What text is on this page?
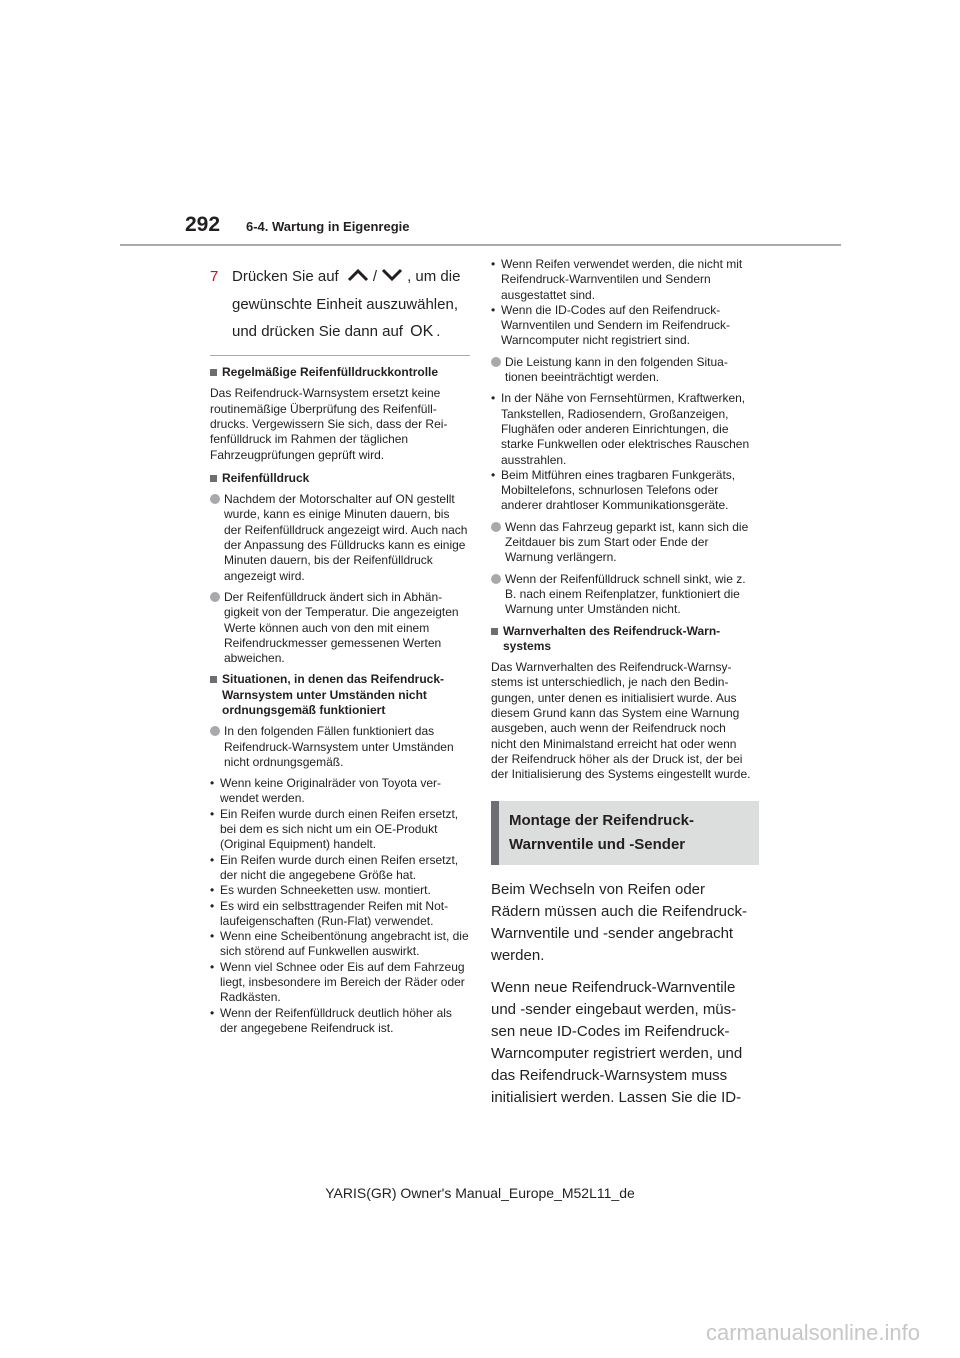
292 6-4. Wartung in Eigenregie
7 Drücken Sie auf / , um die gewünschte Einheit auszuwählen, und drücken Sie dann auf OK .
Regelmäßige Reifenfülldruckkontrolle

Das Reifendruck-Warnsystem ersetzt keine routinemäßige Überprüfung des Reifenfülldrucks. Vergewissern Sie sich, dass der Reifenfülldruck im Rahmen der täglichen Fahrzeugprüfungen geprüft wird.

Reifenfülldruck
Nachdem der Motorschalter auf ON gestellt wurde, kann es einige Minuten dauern, bis der Reifenfülldruck angezeigt wird. Auch nach der Anpassung des Fülldrucks kann es einige Minuten dauern, bis der Reifenfülldruck angezeigt wird.
Der Reifenfülldruck ändert sich in Abhängigkeit von der Temperatur. Die angezeigten Werte können auch von den mit einem Reifendruckmesser gemessenen Werten abweichen.
Situationen, in denen das Reifendruck-Warnsystem unter Umständen nicht ordnungsgemäß funktioniert
In den folgenden Fällen funktioniert das Reifendruck-Warnsystem unter Umständen nicht ordnungsgemäß.
• Wenn keine Originalräder von Toyota verwendet werden.
• Ein Reifen wurde durch einen Reifen ersetzt, bei dem es sich nicht um ein OE-Produkt (Original Equipment) handelt.
• Ein Reifen wurde durch einen Reifen ersetzt, der nicht die angegebene Größe hat.
• Es wurden Schneeketten usw. montiert.
• Es wird ein selbsttragender Reifen mit Notlaufeigenschaften (Run-Flat) verwendet.
• Wenn eine Scheibentönung angebracht ist, die sich störend auf Funkwellen auswirkt.
• Wenn viel Schnee oder Eis auf dem Fahrzeug liegt, insbesondere im Bereich der Räder oder Radkästen.
• Wenn der Reifenfülldruck deutlich höher als der angegebene Reifendruck ist.
• Wenn Reifen verwendet werden, die nicht mit Reifendruck-Warnventilen und Sendern ausgestattet sind.
• Wenn die ID-Codes auf den Reifendruck-Warnventilen und Sendern im Reifendruck-Warncomputer nicht registriert sind.
Die Leistung kann in den folgenden Situationen beeinträchtigt werden.
• In der Nähe von Fernsehtürmen, Kraftwerken, Tankstellen, Radiosendern, Großanzeigen, Flughäfen oder anderen Einrichtungen, die starke Funkwellen oder elektrisches Rauschen ausstrahlen.
• Beim Mitführen eines tragbaren Funkgeräts, Mobiltelefons, schnurlosen Telefons oder anderer drahtloser Kommunikationsgeräte.
Wenn das Fahrzeug geparkt ist, kann sich die Zeitdauer bis zum Start oder Ende der Warnung verlängern.
Wenn der Reifenfülldruck schnell sinkt, wie z. B. nach einem Reifenplatzer, funktioniert die Warnung unter Umständen nicht.
Warnverhalten des Reifendruck-Warnsystems

Das Warnverhalten des Reifendruck-Warnsystems ist unterschiedlich, je nach den Bedingungen, unter denen es initialisiert wurde. Aus diesem Grund kann das System eine Warnung ausgeben, auch wenn der Reifendruck noch nicht den Minimalstand erreicht hat oder wenn der Reifendruck höher als der Druck ist, der bei der Initialisierung des Systems eingestellt wurde.

Montage der Reifendruck-Warnventile und -Sender

Beim Wechseln von Reifen oder Rädern müssen auch die Reifendruck-Warnventile und -sender angebracht werden.

Wenn neue Reifendruck-Warnventile und -sender eingebaut werden, müssen neue ID-Codes im Reifendruck-Warncomputer registriert werden, und das Reifendruck-Warnsystem muss initialisiert werden. Lassen Sie die ID-

YARIS(GR) Owner's Manual_Europe_M52L11_de
carmanualsonline.info
